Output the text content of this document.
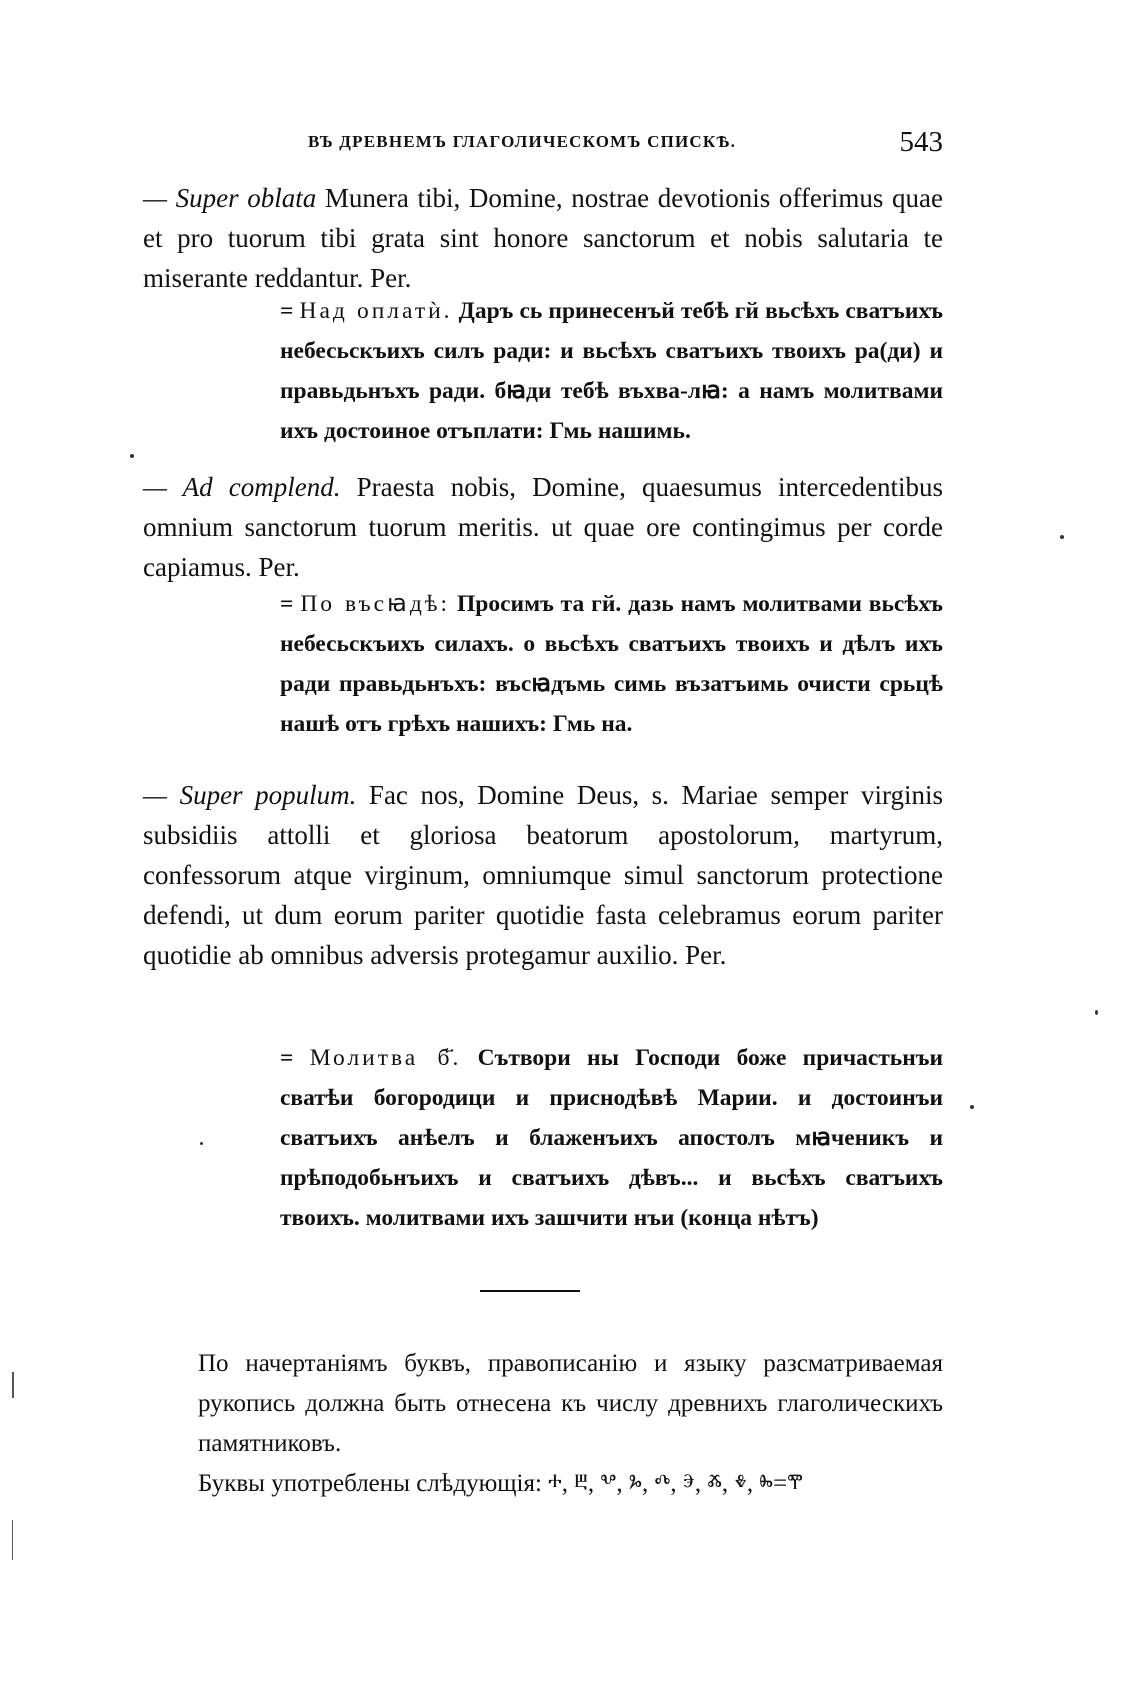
ВЪ ДРЕВНЕМЪ ГЛАГОЛИЧЕСКОМЪ СПИСКѢ.	543

— Super oblata Munera tibi, Domine, nostrae devotionis offerimus quae et pro tuorum tibi grata sint honore sanctorum et nobis salutaria te miserante reddantur. Per.

= Над оплатѝ. Даръ сь принесенъй тебѣ гй вьсѣхъ сватъихъ небесьскъихъ силъ ради: и вьсѣхъ сватъихъ твоихъ ра(ди) и правьдьнъхъ ради. бꙗди тебѣ въхва-лꙗ: а намъ молитвами ихъ достоиное отъплати: Гмь нашимь.

— Ad complend. Praesta nobis, Domine, quaesumus intercedentibus omnium sanctorum tuorum meritis. ut quae ore contingimus per corde capiamus. Per.

= По въсꙗдѣ: Просимъ та гй. дазь намъ молитвами вьсѣхъ небесьскъихъ силахъ. о вьсѣхъ сватъихъ твоихъ и дѣлъ ихъ ради правьдьнъхъ: въсꙗдъмь симь възатъимь очисти срьцѣ нашѣ отъ грѣхъ нашихъ: Гмь на.

— Super populum. Fac nos, Domine Deus, s. Mariae semper virginis subsidiis attolli et gloriosa beatorum apostolorum, martyrum, confessorum atque virginum, omniumque simul sanctorum protectione defendi, ut dum eorum pariter quotidie fasta celebramus eorum pariter quotidie ab omnibus adversis protegamur auxilio. Per.

= Молитва б҃. Сътвори ны Господи боже причастьнъи сватѣи богородици и приснодѣвѣ Марии. и достоинъи сватъихъ анѣелъ и блаженъихъ апостолъ мꙗченикъ и прѣподобьнъихъ и сватъихъ дѣвъ... и вьсѣхъ сватъихъ твоихъ. молитвами ихъ зашчити нъи (конца нѣтъ)

По начертаніямъ буквъ, правописанію и языку разсматриваемая рукопись должна быть отнесена къ числу древнихъ глаголическихъ памятниковъ.

Буквы употреблены слѣдующія: ⰰ, ⰱ, ⰲ, ⰳ, ⰴ, ⰵ, ⰶ, ⰷ, ⰸ=ⰹ
